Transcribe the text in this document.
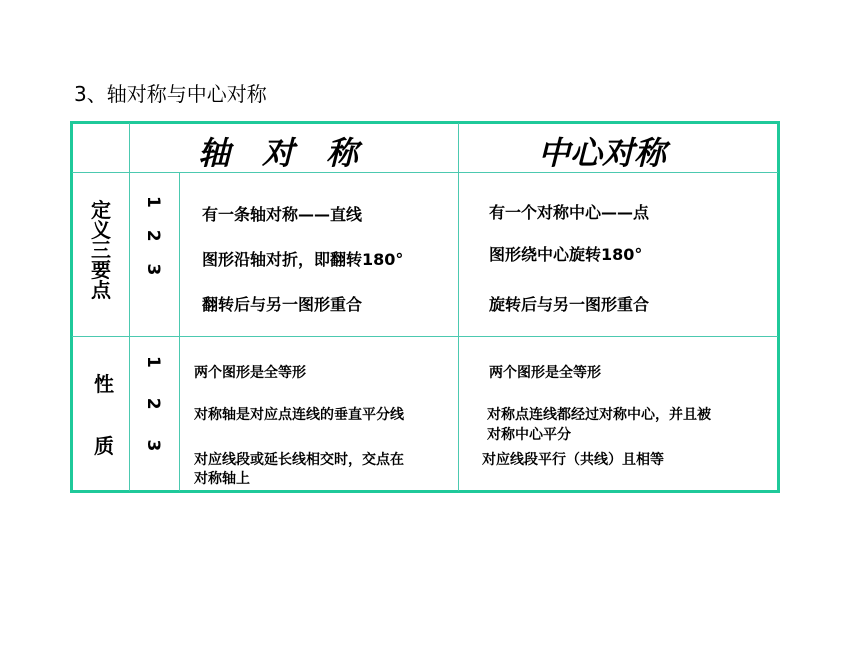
3、轴对称与中心对称
轴　对　称	中心对称
定义三要点
1 2 3 有一条轴对称——直线
图形沿轴对折，即翻转180°
翻转后与另一图形重合
有一个对称中心——点
图形绕中心旋转180°
旋转后与另一图形重合
性
质 1 2 3 两个图形是全等形
对称轴是对应点连线的垂直平分线
对应线段或延长线相交时，交点在
对称轴上
两个图形是全等形
对称点连线都经过对称中心，并且被
对称中心平分
对应线段平行（共线）且相等
